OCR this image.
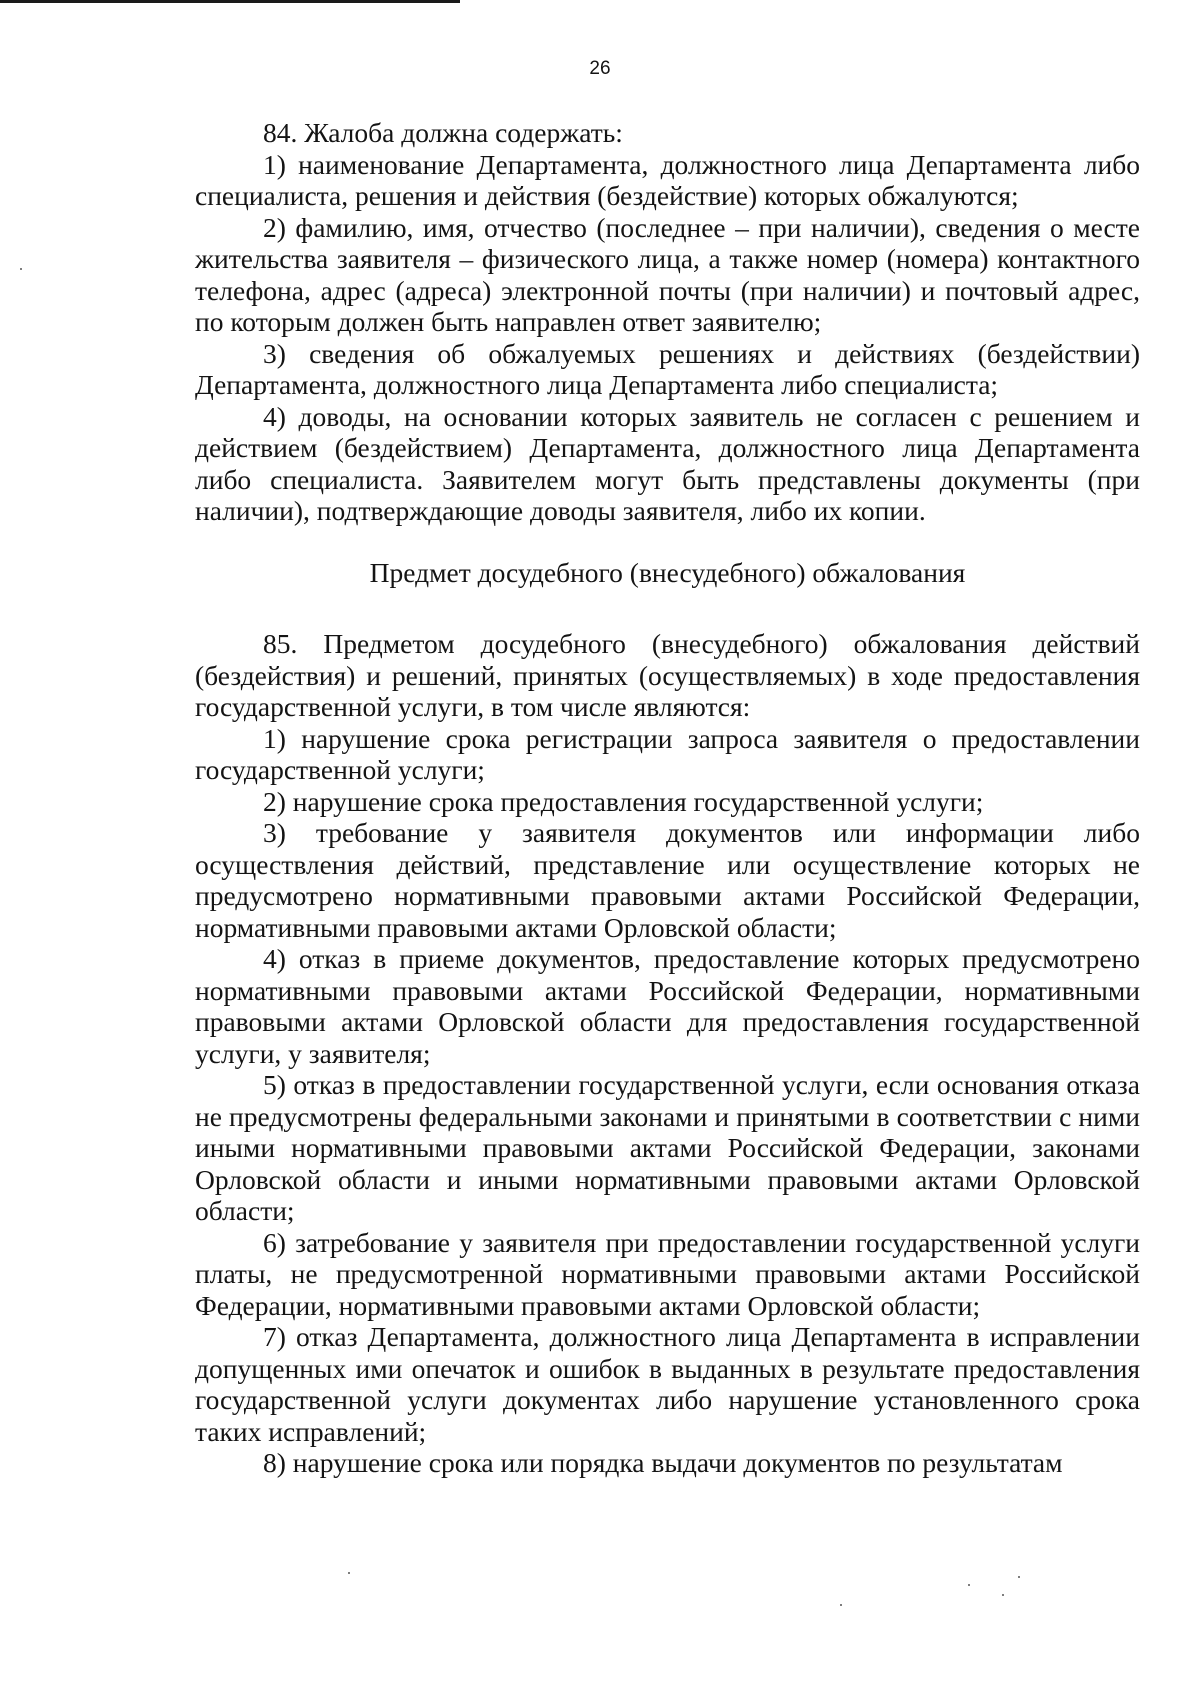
26

84. Жалоба должна содержать:

1) наименование Департамента, должностного лица Департамента либо специалиста, решения и действия (бездействие) которых обжалуются;

2) фамилию, имя, отчество (последнее – при наличии), сведения о месте жительства заявителя – физического лица, а также номер (номера) контактного телефона, адрес (адреса) электронной почты (при наличии) и почтовый адрес, по которым должен быть направлен ответ заявителю;

3) сведения об обжалуемых решениях и действиях (бездействии) Департамента, должностного лица Департамента либо специалиста;

4) доводы, на основании которых заявитель не согласен с решением и действием (бездействием) Департамента, должностного лица Департамента либо специалиста. Заявителем могут быть представлены документы (при наличии), подтверждающие доводы заявителя, либо их копии.

Предмет досудебного (внесудебного) обжалования

85. Предметом досудебного (внесудебного) обжалования действий (бездействия) и решений, принятых (осуществляемых) в ходе предоставления государственной услуги, в том числе являются:

1) нарушение срока регистрации запроса заявителя о предоставлении государственной услуги;

2) нарушение срока предоставления государственной услуги;

3) требование у заявителя документов или информации либо осуществления действий, представление или осуществление которых не предусмотрено нормативными правовыми актами Российской Федерации, нормативными правовыми актами Орловской области;

4) отказ в приеме документов, предоставление которых предусмотрено нормативными правовыми актами Российской Федерации, нормативными правовыми актами Орловской области для предоставления государственной услуги, у заявителя;

5) отказ в предоставлении государственной услуги, если основания отказа не предусмотрены федеральными законами и принятыми в соответствии с ними иными нормативными правовыми актами Российской Федерации, законами Орловской области и иными нормативными правовыми актами Орловской области;

6) затребование у заявителя при предоставлении государственной услуги платы, не предусмотренной нормативными правовыми актами Российской Федерации, нормативными правовыми актами Орловской области;

7) отказ Департамента, должностного лица Департамента в исправлении допущенных ими опечаток и ошибок в выданных в результате предоставления государственной услуги документах либо нарушение установленного срока таких исправлений;

8) нарушение срока или порядка выдачи документов по результатам
